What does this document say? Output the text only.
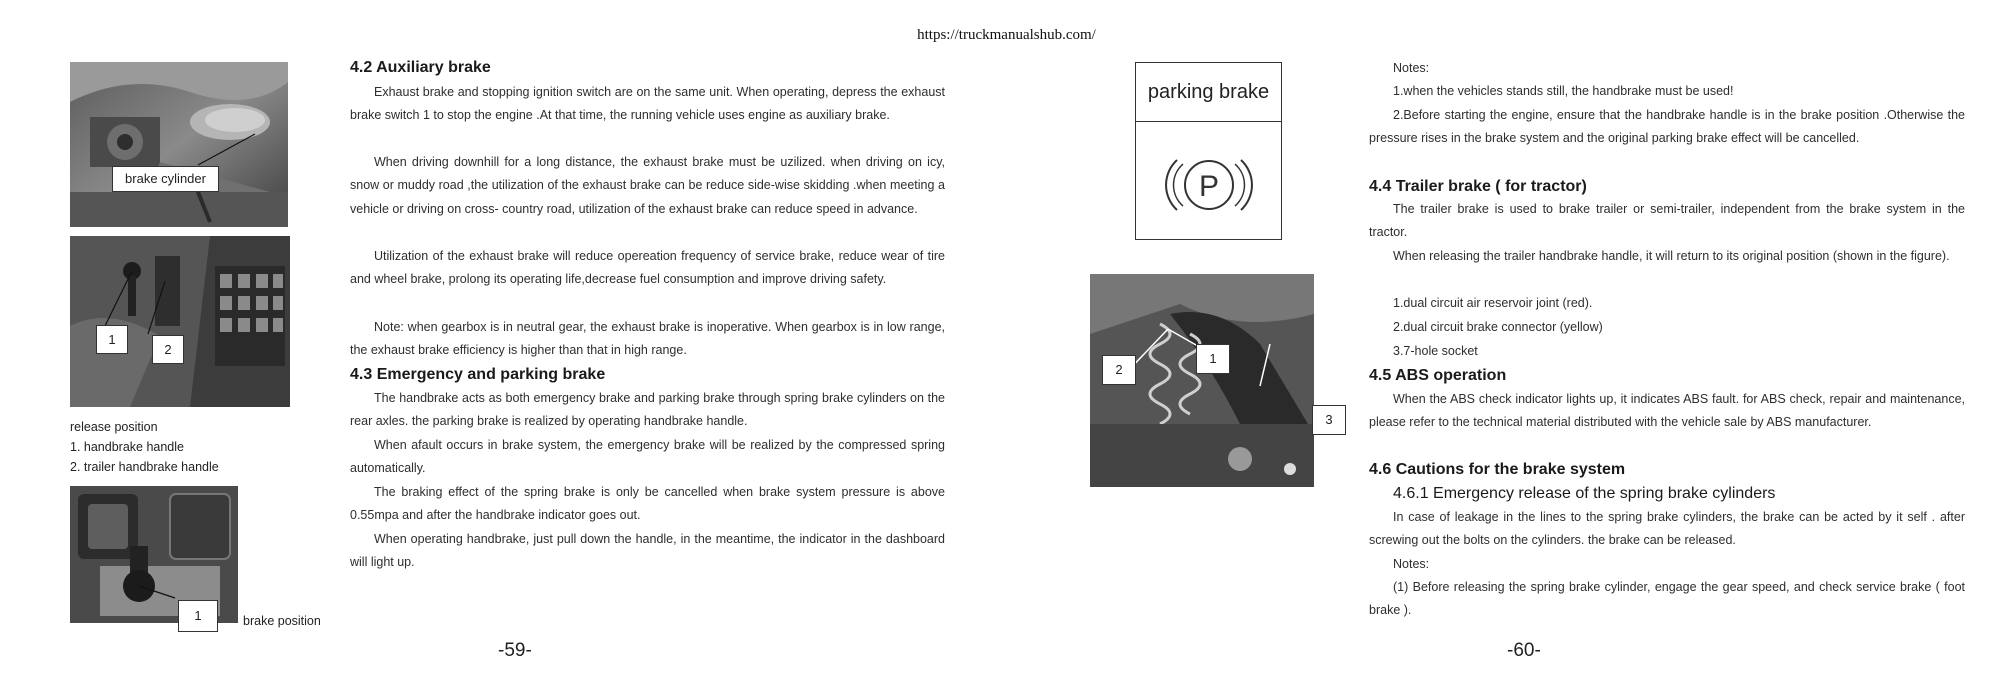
https://truckmanualshub.com/
brake cylinder
1
2
release position
1. handbrake handle
2. trailer handbrake handle
1	brake position
4.2 Auxiliary brake
Exhaust brake and stopping ignition switch are on the same unit. When operating, depress the exhaust brake switch 1 to stop the engine .At that time, the running vehicle uses engine as auxiliary brake.
When driving downhill for a long distance, the exhaust brake must be uzilized. when driving on icy, snow or muddy road ,the utilization of the exhaust brake can be reduce side-wise skidding .when meeting a vehicle or driving on cross- country road, utilization of the exhaust brake can reduce speed in advance.
Utilization of the exhaust brake will reduce opereation frequency of service brake, reduce wear of tire and wheel brake, prolong its operating life,decrease fuel consumption and improve driving safety.
Note: when gearbox is in neutral gear, the exhaust brake is inoperative. When gearbox is in low range, the exhaust brake efficiency is higher than that in high range.
4.3 Emergency and parking brake
The handbrake acts as both emergency brake and parking brake through spring brake cylinders on the rear axles. the parking brake is realized by operating handbrake handle.
When afault occurs in brake system, the emergency brake will be realized by the compressed spring automatically.
The braking effect of the spring brake is only be cancelled when brake system pressure is above 0.55mpa and after the handbrake indicator goes out.
When operating handbrake, just pull down the handle, in the meantime, the indicator in the dashboard will light up.
-59-
parking brake
P
2
1
3
Notes:
1.when the vehicles stands still, the handbrake must be used!
2.Before starting the engine, ensure that the handbrake handle is in the brake position .Otherwise the pressure rises in the brake system and the original parking brake effect will be cancelled.
4.4 Trailer brake ( for tractor)
The trailer brake is used to brake trailer or semi-trailer, independent from the brake system in the tractor.
When releasing the trailer handbrake handle, it will return to its original position (shown in the figure).
1.dual circuit air reservoir joint (red).
2.dual circuit brake connector (yellow)
3.7-hole socket
4.5 ABS operation
When the ABS check indicator lights up, it indicates ABS fault. for ABS check, repair and maintenance, please refer to the technical material distributed with the vehicle sale by ABS manufacturer.
4.6 Cautions for the brake system
4.6.1 Emergency release of the spring brake cylinders
In case of leakage in the lines to the spring brake cylinders, the brake can be acted by it self . after screwing out the bolts on the cylinders. the brake can be released.
Notes:
(1) Before releasing the spring brake cylinder, engage the gear speed, and check service brake ( foot brake ).
-60-
